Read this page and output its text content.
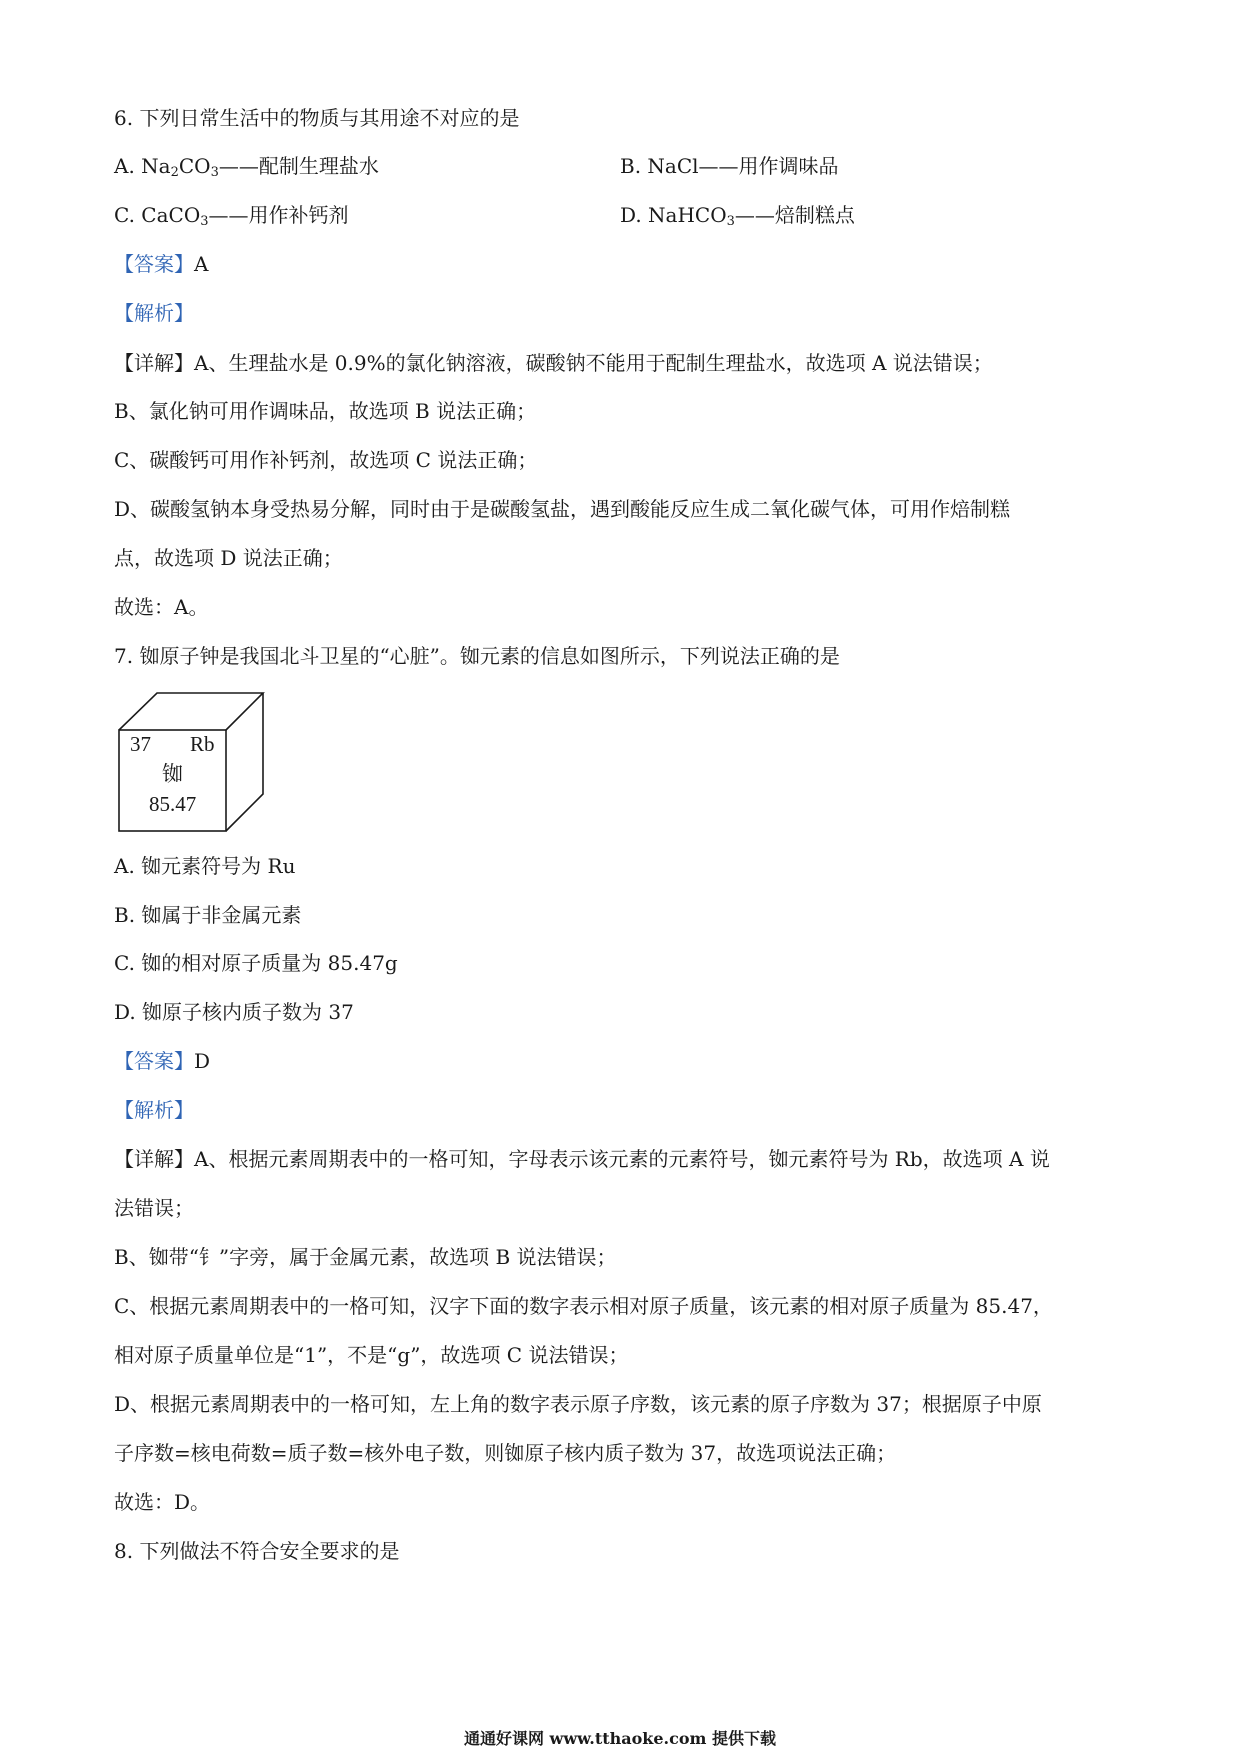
6. 下列日常生活中的物质与其用途不对应的是
A. $Na_2CO_3——$配制生理盐水	B. NaCl——用作调味品
C. CaCO$_3$——用作补钙剂	D. NaHCO$_3$——焙制糕点
【答案】A
【解析】
【详解】A、生理盐水是 0.9%的氯化钠溶液，碳酸钠不能用于配制生理盐水，故选项 A 说法错误；
B、氯化钠可用作调味品，故选项 B 说法正确；
C、碳酸钙可用作补钙剂，故选项 C 说法正确；
D、碳酸氢钠本身受热易分解，同时由于是碳酸氢盐，遇到酸能反应生成二氧化碳气体，可用作焙制糕
点，故选项 D 说法正确；
故选：A。
7. 铷原子钟是我国北斗卫星的“心脏”。铷元素的信息如图所示，下列说法正确的是
37 Rb
铷
85.47
A. 铷元素符号为 Ru
B. 铷属于非金属元素
C. 铷的相对原子质量为 85.47g
D. 铷原子核内质子数为 37
【答案】D
【解析】
【详解】A、根据元素周期表中的一格可知，字母表示该元素的元素符号，铷元素符号为 Rb，故选项 A 说
法错误；
B、铷带“钅”字旁，属于金属元素，故选项 B 说法错误；
C、根据元素周期表中的一格可知，汉字下面的数字表示相对原子质量，该元素的相对原子质量为 85.47，
相对原子质量单位是“1”，不是“g”，故选项 C 说法错误；
D、根据元素周期表中的一格可知，左上角的数字表示原子序数，该元素的原子序数为 37；根据原子中原
子序数=核电荷数=质子数=核外电子数，则铷原子核内质子数为 37，故选项说法正确；
故选：D。
8. 下列做法不符合安全要求的是
通通好课网 www.tthaoke.com 提供下载
